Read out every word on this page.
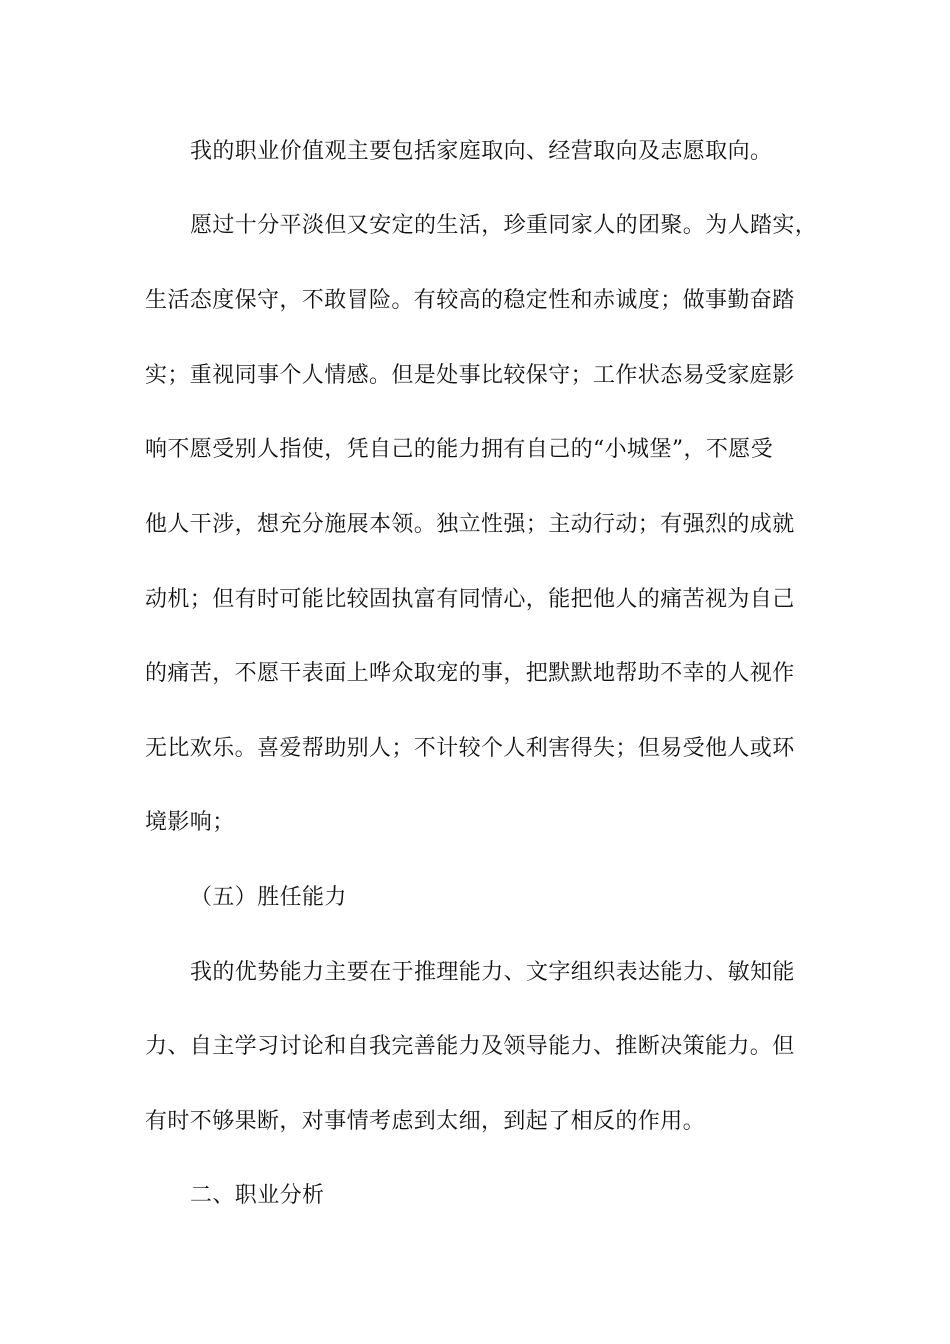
我的职业价值观主要包括家庭取向、经营取向及志愿取向。
愿过十分平淡但又安定的生活，珍重同家人的团聚。为人踏实，
生活态度保守，不敢冒险。有较高的稳定性和赤诚度；做事勤奋踏
实；重视同事个人情感。但是处事比较保守；工作状态易受家庭影
响不愿受别人指使，凭自己的能力拥有自己的“小城堡”，不愿受
他人干涉，想充分施展本领。独立性强；主动行动；有强烈的成就
动机；但有时可能比较固执富有同情心，能把他人的痛苦视为自己
的痛苦，不愿干表面上哗众取宠的事，把默默地帮助不幸的人视作
无比欢乐。喜爱帮助别人；不计较个人利害得失；但易受他人或环
境影响；
（五）胜任能力
我的优势能力主要在于推理能力、文字组织表达能力、敏知能
力、自主学习讨论和自我完善能力及领导能力、推断决策能力。但
有时不够果断，对事情考虑到太细，到起了相反的作用。
二、职业分析
